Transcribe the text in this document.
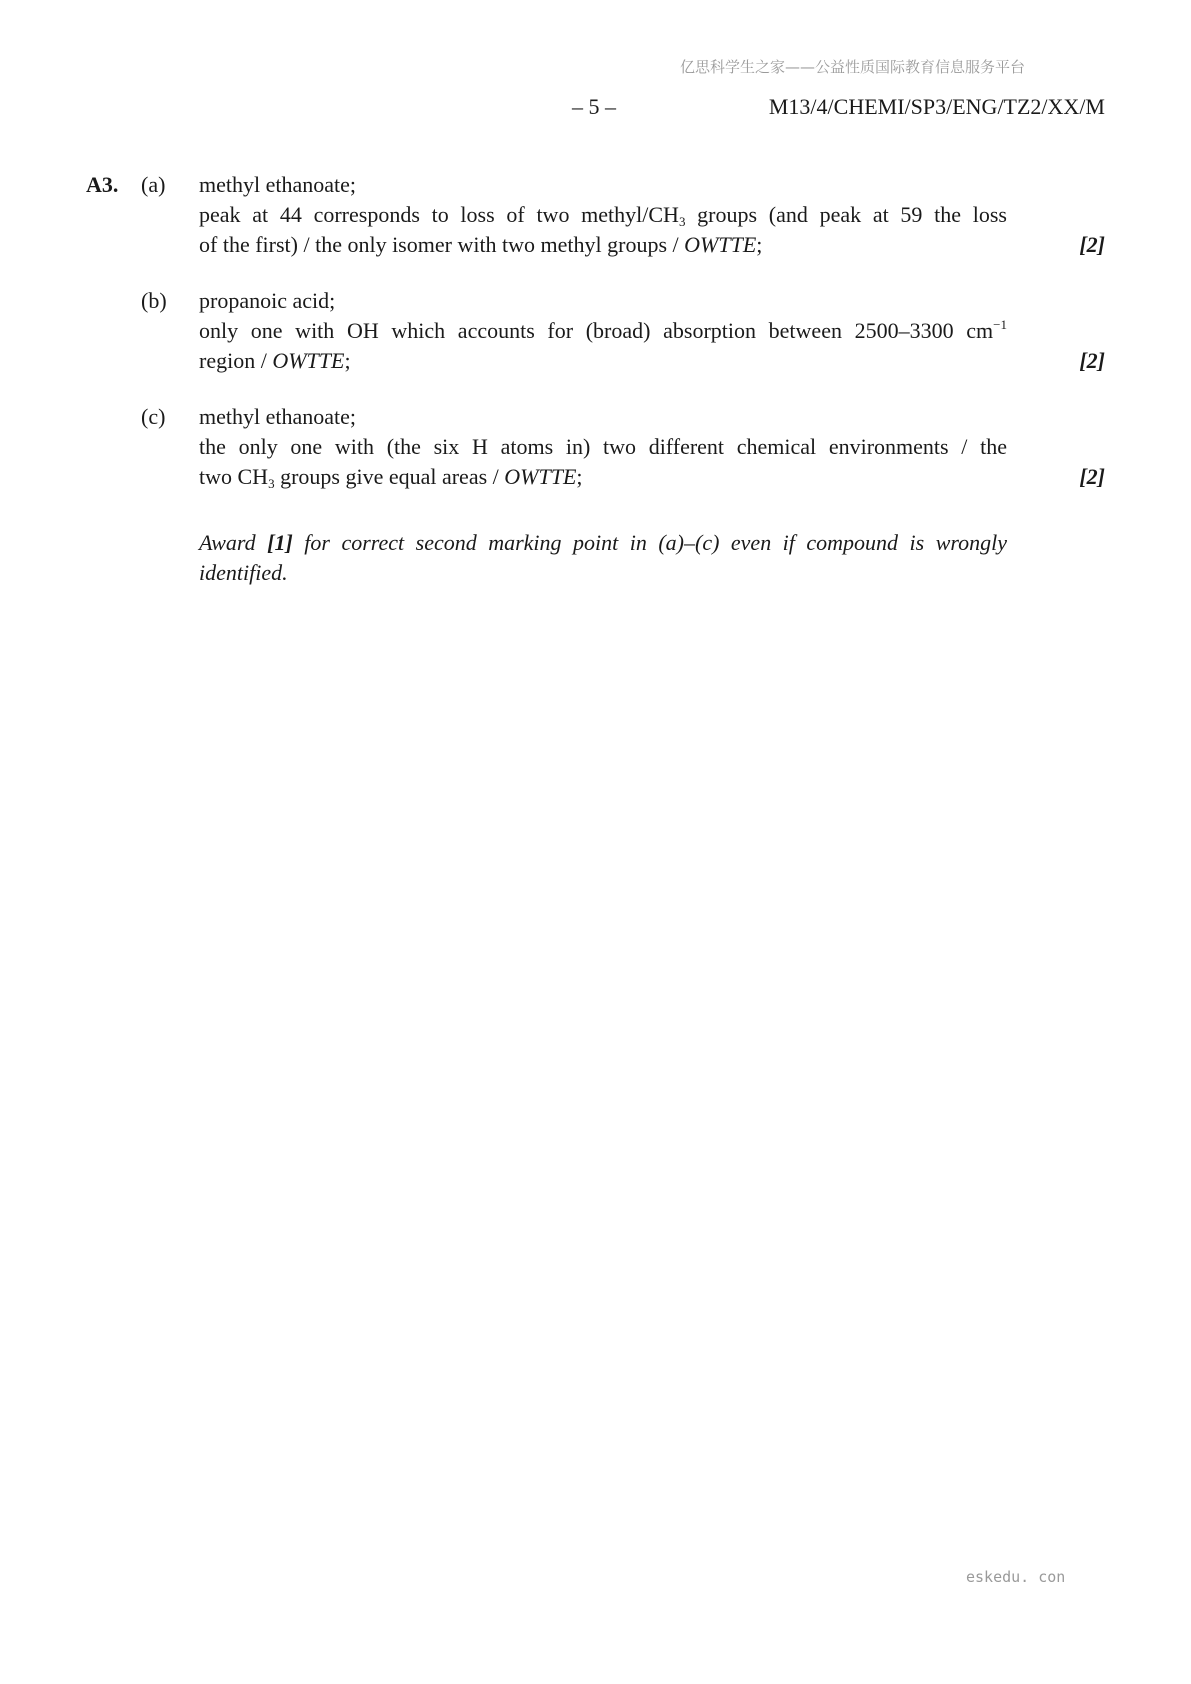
亿思科学生之家——公益性质国际教育信息服务平台
– 5 –	M13/4/CHEMI/SP3/ENG/TZ2/XX/M
A3. (a) methyl ethanoate;
peak at 44 corresponds to loss of two methyl/$CH_3$ groups (and peak at 59 the loss
of the first) / the only isomer with two methyl groups / OWTTE;	[2]
(b) propanoic acid;
only one with OH which accounts for (broad) absorption between 2500–3300 $cm^{-1}$
region / OWTTE;	[2]
(c) methyl ethanoate;
the only one with (the six H atoms in) two different chemical environments / the
two $CH_3$ groups give equal areas / OWTTE;	[2]
Award [1] for correct second marking point in (a)–(c) even if compound is wrongly
identified.
eskedu. con
